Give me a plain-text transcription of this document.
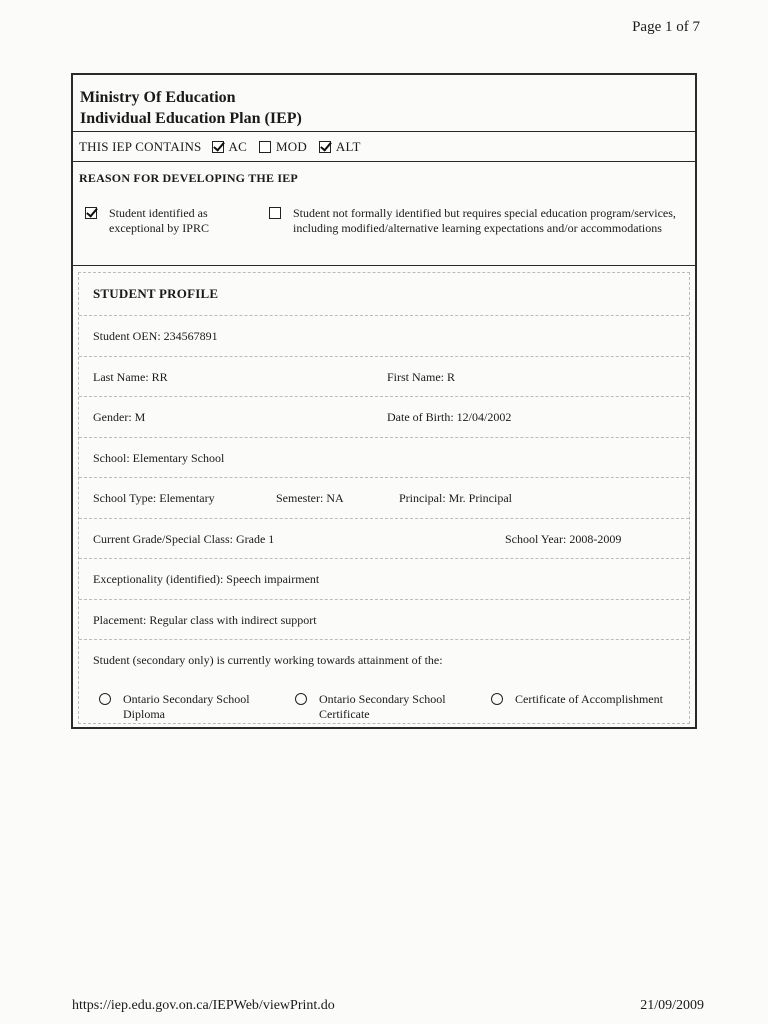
Page 1 of 7
Ministry Of Education
Individual Education Plan (IEP)
THIS IEP CONTAINS AC MOD ALT
REASON FOR DEVELOPING THE IEP
Student identified as exceptional by IPRC
Student not formally identified but requires special education program/services, including modified/alternative learning expectations and/or accommodations
STUDENT PROFILE
Student OEN: 234567891
Last Name: RR	First Name: R
Gender: M	Date of Birth: 12/04/2002
School: Elementary School
School Type: Elementary	Semester: NA	Principal: Mr. Principal
Current Grade/Special Class: Grade 1	School Year: 2008-2009
Exceptionality (identified): Speech impairment
Placement: Regular class with indirect support
Student (secondary only) is currently working towards attainment of the:
Ontario Secondary School Diploma
Ontario Secondary School Certificate
Certificate of Accomplishment
https://iep.edu.gov.on.ca/IEPWeb/viewPrint.do	21/09/2009
